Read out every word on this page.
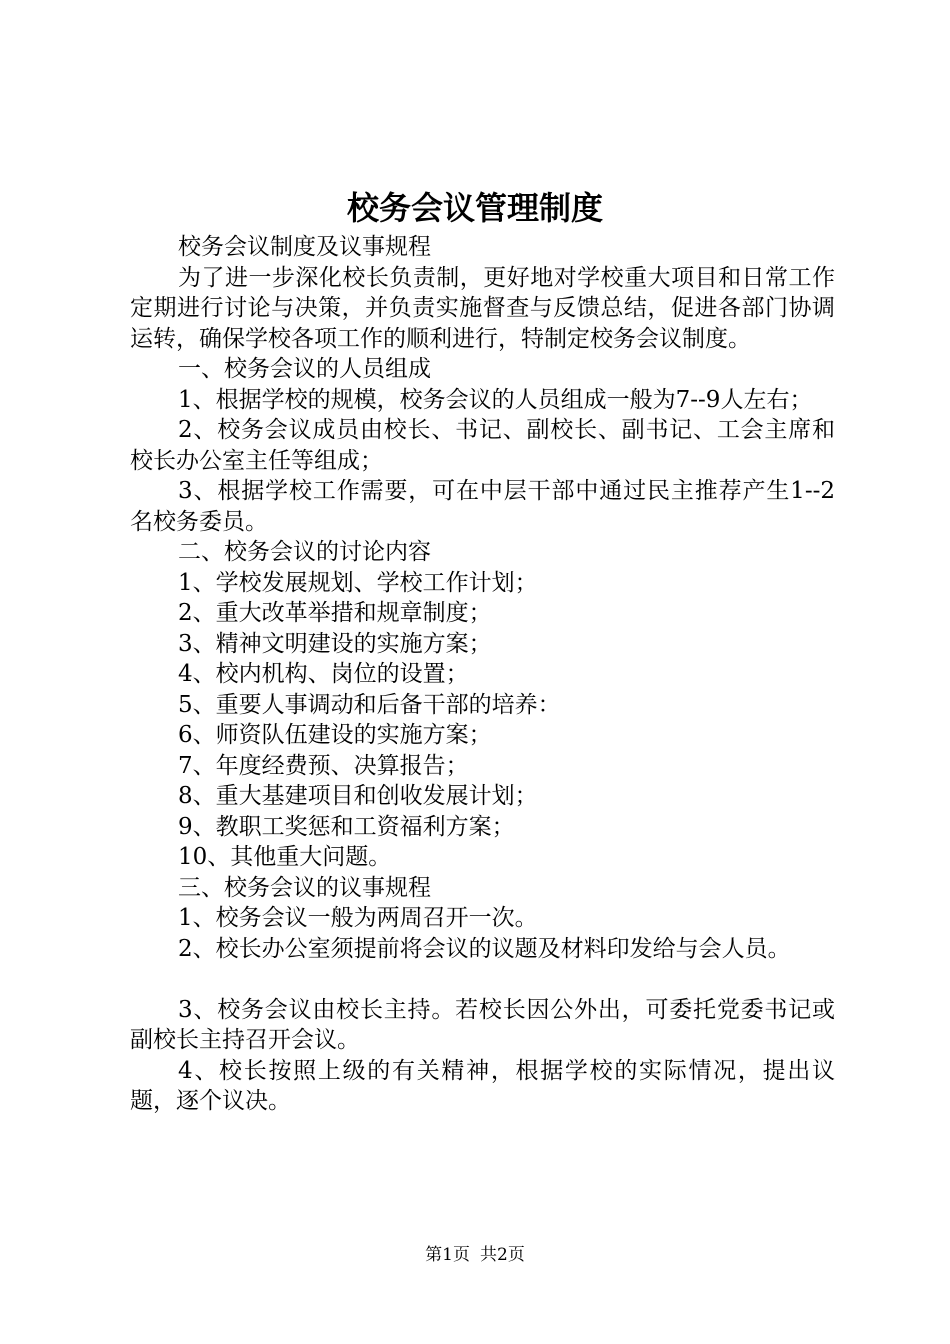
校务会议管理制度

校务会议制度及议事规程

为了进一步深化校长负责制，更好地对学校重大项目和日常工作定期进行讨论与决策，并负责实施督查与反馈总结，促进各部门协调运转，确保学校各项工作的顺利进行，特制定校务会议制度。

一、校务会议的人员组成

1、根据学校的规模，校务会议的人员组成一般为7--9人左右；

2、校务会议成员由校长、书记、副校长、副书记、工会主席和校长办公室主任等组成；

3、根据学校工作需要，可在中层干部中通过民主推荐产生1--2名校务委员。

二、校务会议的讨论内容

1、学校发展规划、学校工作计划；

2、重大改革举措和规章制度；

3、精神文明建设的实施方案；

4、校内机构、岗位的设置；

5、重要人事调动和后备干部的培养：

6、师资队伍建设的实施方案；

7、年度经费预、决算报告；

8、重大基建项目和创收发展计划；

9、教职工奖惩和工资福利方案；

10、其他重大问题。

三、校务会议的议事规程

1、校务会议一般为两周召开一次。

2、校长办公室须提前将会议的议题及材料印发给与会人员。

3、校务会议由校长主持。若校长因公外出，可委托党委书记或副校长主持召开会议。

4、校长按照上级的有关精神，根据学校的实际情况，提出议题，逐个议决。

第1页 共2页
